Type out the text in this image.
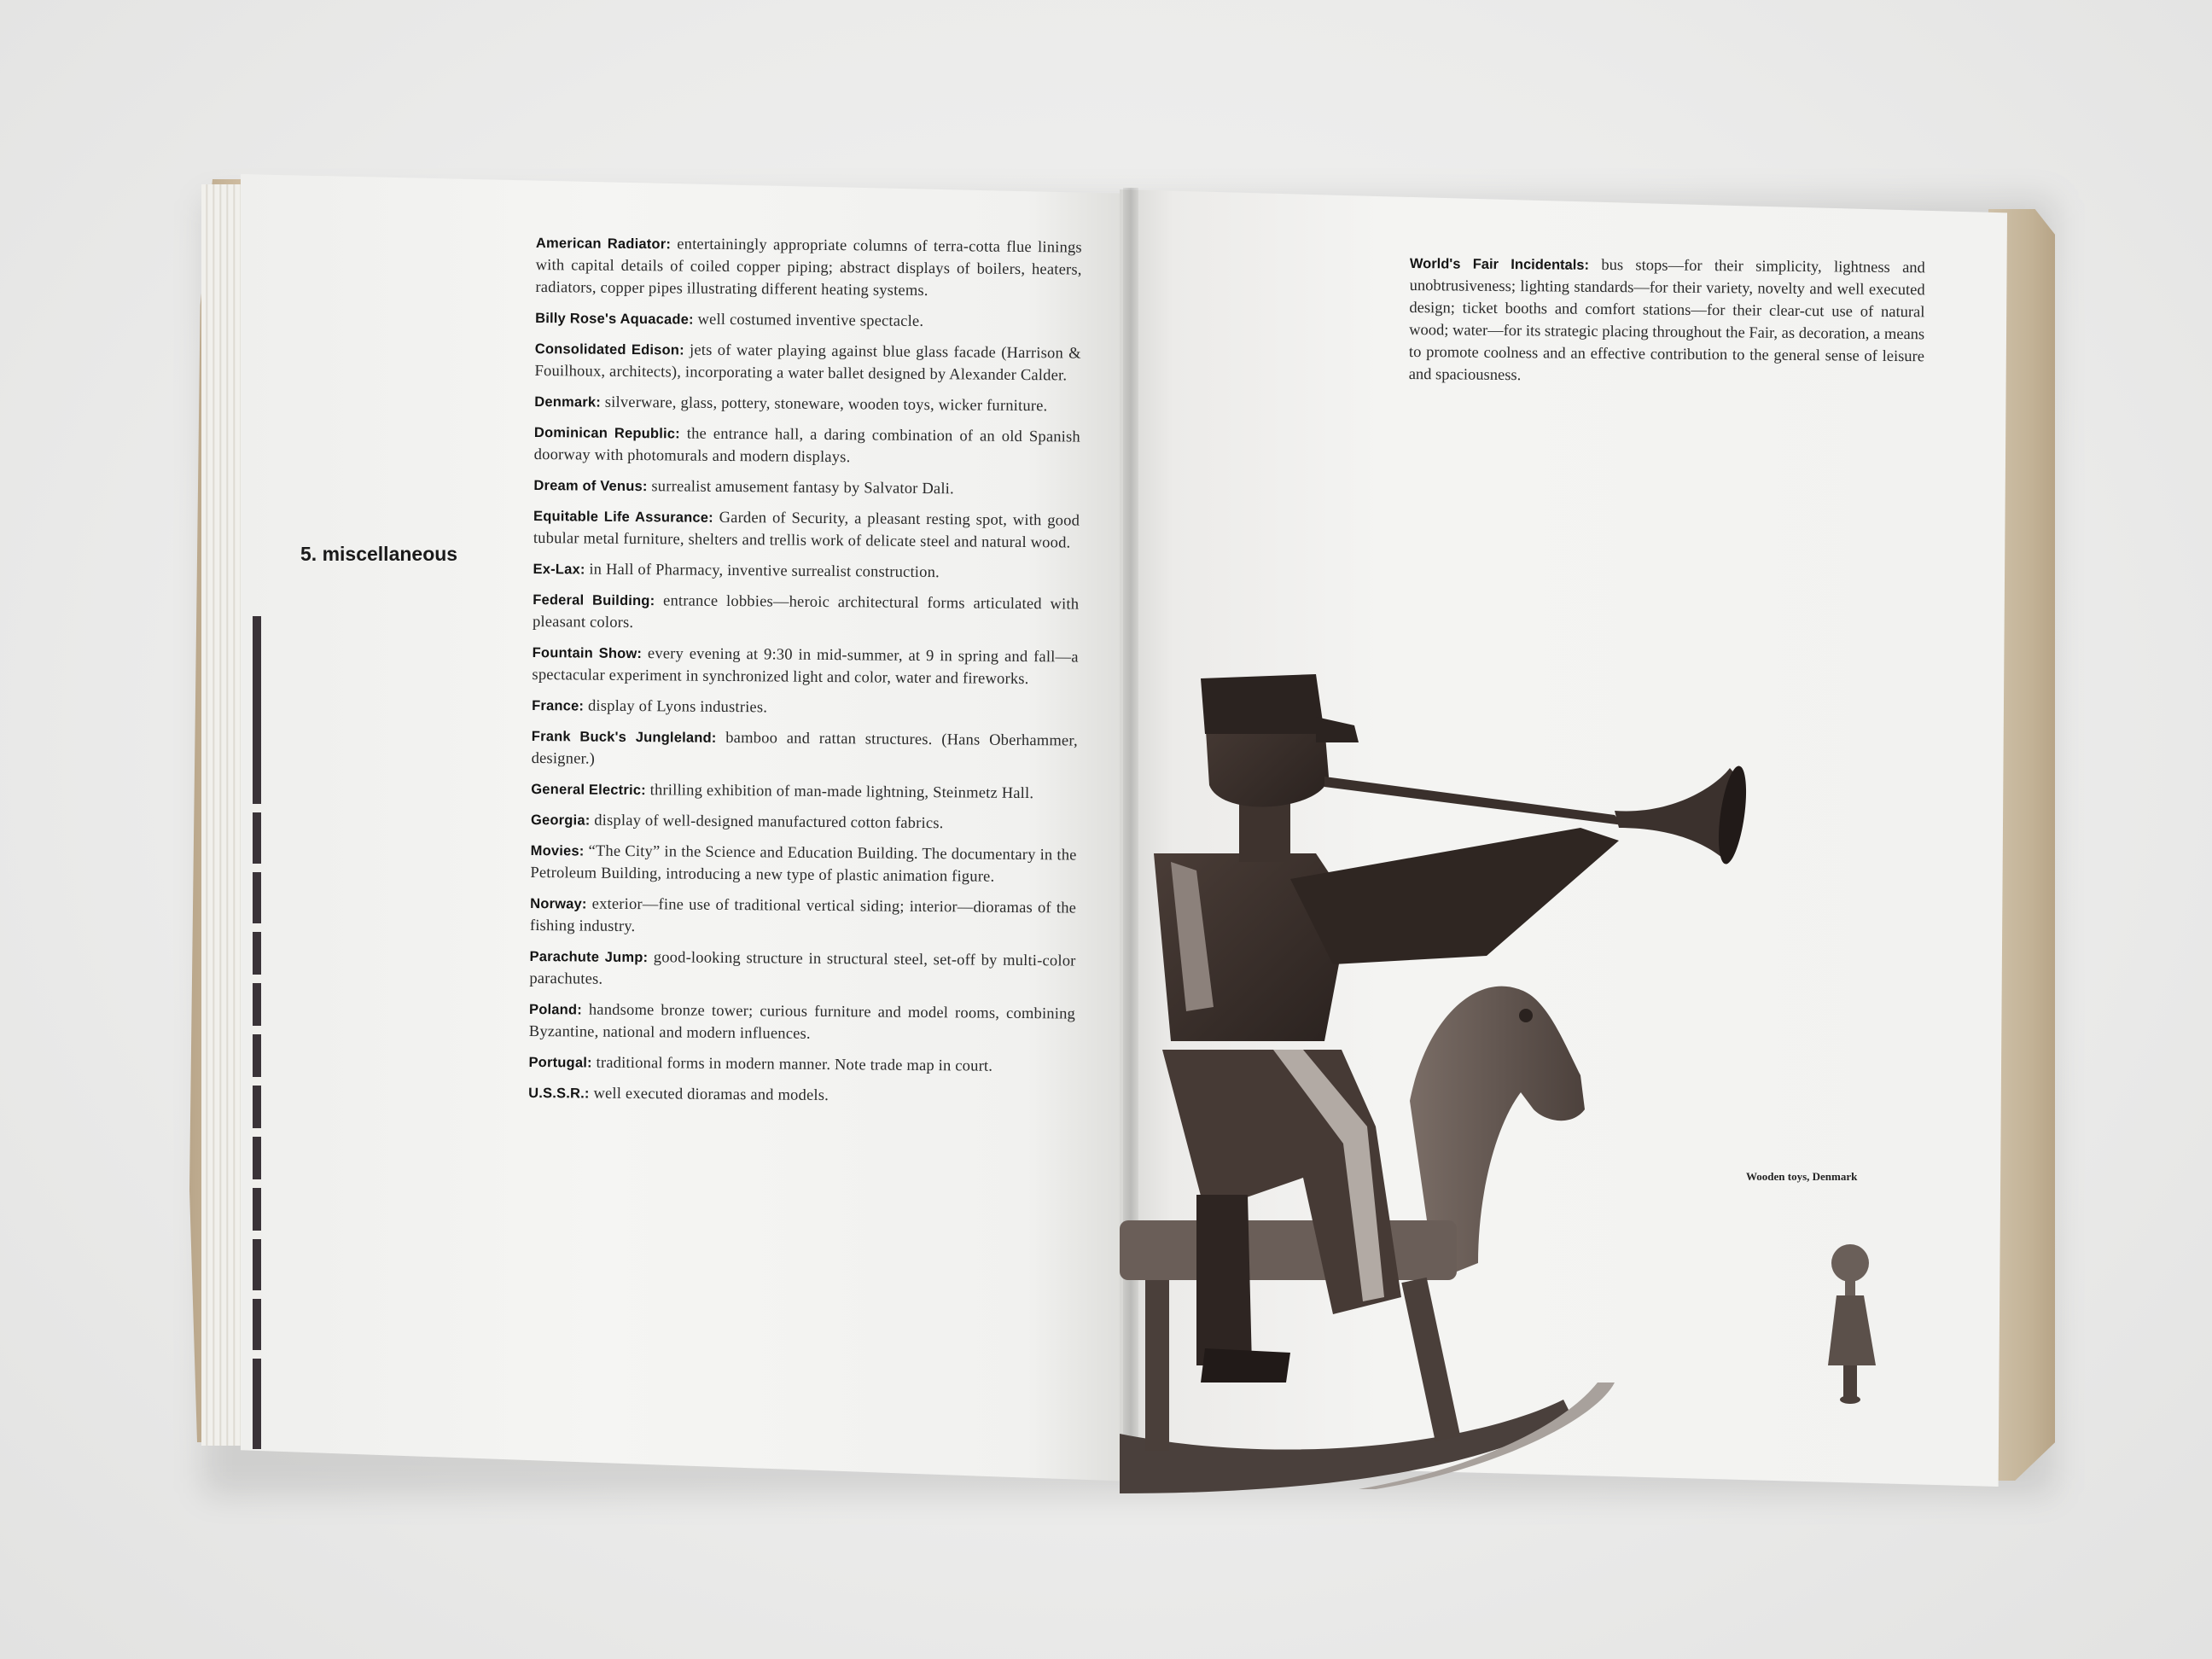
5. miscellaneous

American Radiator: entertainingly appropriate columns of terra-cotta flue linings with capital details of coiled copper piping; abstract displays of boilers, heaters, radiators, copper pipes illustrating different heating systems.

Billy Rose's Aquacade: well costumed inventive spectacle.

Consolidated Edison: jets of water playing against blue glass facade (Harrison & Fouilhoux, architects), incorporating a water ballet designed by Alexander Calder.

Denmark: silverware, glass, pottery, stoneware, wooden toys, wicker furniture.

Dominican Republic: the entrance hall, a daring combination of an old Spanish doorway with photomurals and modern displays.

Dream of Venus: surrealist amusement fantasy by Salvator Dali.

Equitable Life Assurance: Garden of Security, a pleasant resting spot, with good tubular metal furniture, shelters and trellis work of delicate steel and natural wood.

Ex-Lax: in Hall of Pharmacy, inventive surrealist construction.

Federal Building: entrance lobbies—heroic architectural forms articulated with pleasant colors.

Fountain Show: every evening at 9:30 in mid-summer, at 9 in spring and fall—a spectacular experiment in synchronized light and color, water and fireworks.

France: display of Lyons industries.

Frank Buck's Jungleland: bamboo and rattan structures. (Hans Oberhammer, designer.)

General Electric: thrilling exhibition of man-made lightning, Steinmetz Hall.

Georgia: display of well-designed manufactured cotton fabrics.

Movies: “The City” in the Science and Education Building. The documentary in the Petroleum Building, introducing a new type of plastic animation figure.

Norway: exterior—fine use of traditional vertical siding; interior—dioramas of the fishing industry.

Parachute Jump: good-looking structure in structural steel, set-off by multi-color parachutes.

Poland: handsome bronze tower; curious furniture and model rooms, combining Byzantine, national and modern influences.

Portugal: traditional forms in modern manner. Note trade map in court.

U.S.S.R.: well executed dioramas and models.

World's Fair Incidentals: bus stops—for their simplicity, lightness and unobtrusiveness; lighting standards—for their variety, novelty and well executed design; ticket booths and comfort stations—for their clear-cut use of natural wood; water—for its strategic placing throughout the Fair, as decoration, a means to promote coolness and an effective contribution to the general sense of leisure and spaciousness.

Wooden toys, Denmark
